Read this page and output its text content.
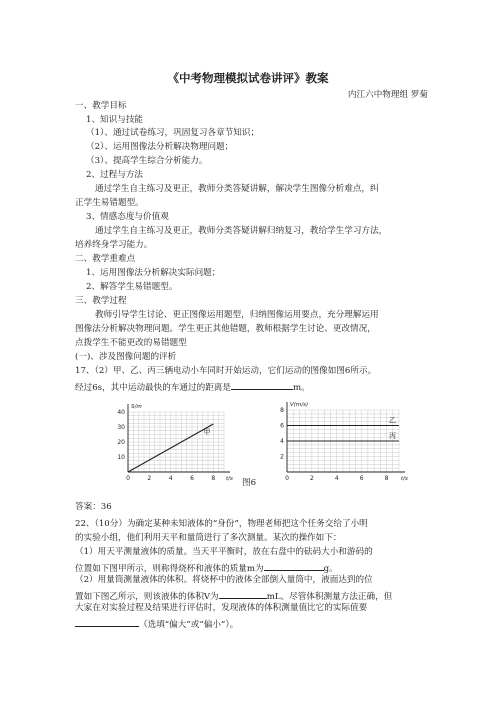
《中考物理模拟试卷讲评》教案
内江六中物理组 罗菊
一、教学目标
1、知识与技能
（1）、通过试卷练习，巩固复习各章节知识；
（2）、运用图像法分析解决物理问题；
（3）、提高学生综合分析能力。
2、过程与方法
通过学生自主练习及更正，教师分类答疑讲解，解决学生图像分析难点，纠
正学生易错题型。
3、情感态度与价值观
通过学生自主练习及更正，教师分类答疑讲解归纳复习，教给学生学习方法，
培养终身学习能力。
二、教学重难点
1、运用图像法分析解决实际问题；
2、解答学生易错题型。
三、教学过程
教师引导学生讨论、更正图像运用题型，归纳图像运用要点，充分理解运用
图像法分析解决物理问题。学生更正其他错题，教师根据学生讨论、更改情况，
点拨学生不能更改的易错题型
(一)、涉及图像问题的评析
17、（2）甲、乙、丙三辆电动小车同时开始运动，它们运动的图像如图6所示。
经过6s，其中运动最快的车通过的距离是	m。
0	2	4	6	8
10
20
30
40
S/m
t/s
甲
0	2	4	6	8
2
4
6
8
V(m/s)
t/s
乙
丙
图6
答案：36
22、（10分）为确定某种未知液体的“身份”，物理老师把这个任务交给了小明
的实验小组，他们利用天平和量筒进行了多次测量。某次的操作如下：
（1）用天平测量液体的质量。当天平平衡时，放在右盘中的砝码大小和游码的
位置如下图甲所示，则称得烧杯和液体的质量m为	g。
（2）用量筒测量液体的体积。将烧杯中的液体全部倒入量筒中，液面达到的位
置如下图乙所示，则该液体的体积V为	mL。尽管体积测量方法正确，但
大家在对实验过程及结果进行评估时，发现液体的体积测量值比它的实际值要
（选填“偏大”或“偏小”）。
